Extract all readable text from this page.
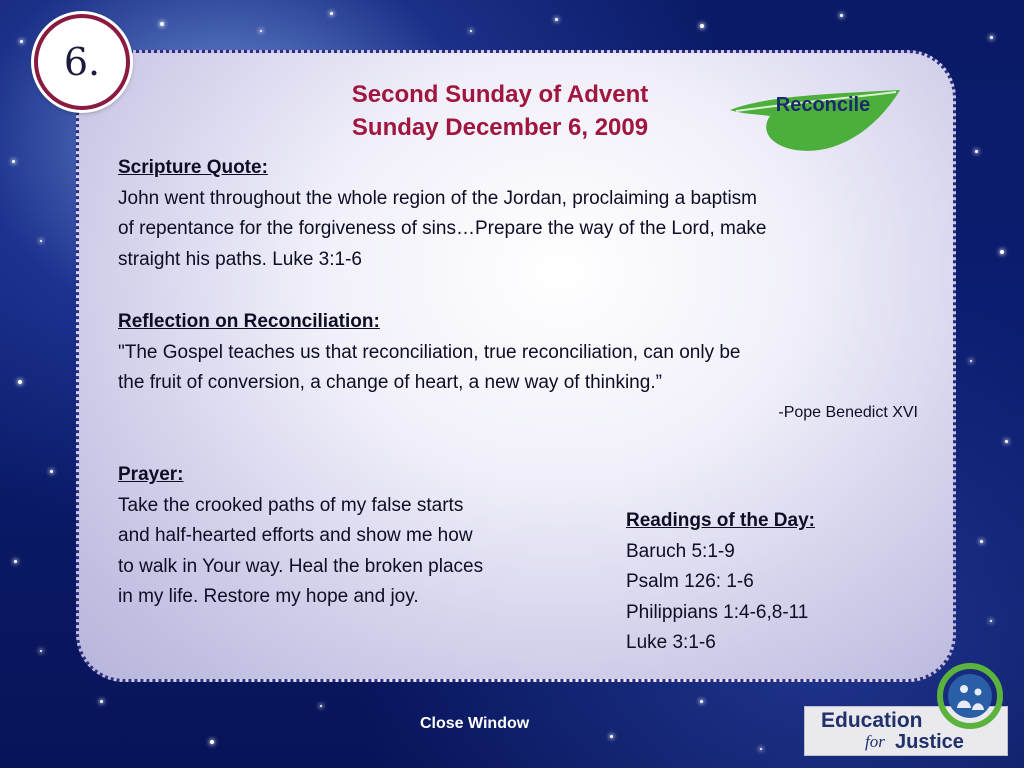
6.
Second Sunday of Advent
Sunday December 6, 2009
Reconcile
Scripture Quote:
John went throughout the whole region of the Jordan, proclaiming a baptism
of repentance for the forgiveness of sins…Prepare the way of the Lord, make
straight his paths. Luke 3:1-6
Reflection on Reconciliation:
"The Gospel teaches us that reconciliation, true reconciliation, can only be
the fruit of conversion, a change of heart, a new way of thinking.”
-Pope Benedict XVI
Prayer:
Take the crooked paths of my false starts
and half-hearted efforts and show me how
to walk in Your way. Heal the broken places
in my life. Restore my hope and joy.
Readings of the Day:
Baruch 5:1-9
Psalm 126: 1-6
Philippians 1:4-6,8-11
Luke 3:1-6
Close Window	Education
for Justice
